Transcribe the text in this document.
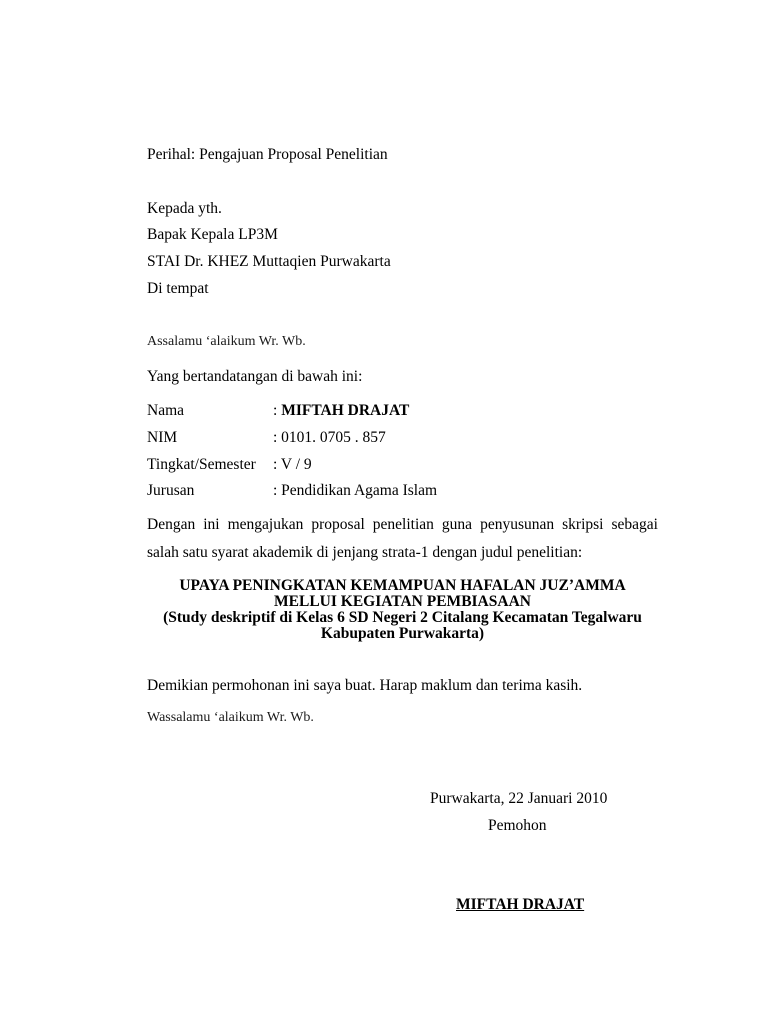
Perihal: Pengajuan Proposal Penelitian
Kepada yth.
Bapak Kepala LP3M
STAI Dr. KHEZ Muttaqien Purwakarta
Di tempat
Assalamu ‘alaikum Wr. Wb.
Yang bertandatangan di bawah ini:
Nama	: MIFTAH DRAJAT
NIM	: 0101. 0705 . 857
Tingkat/Semester : V / 9
Jurusan	: Pendidikan Agama Islam
Dengan ini mengajukan proposal penelitian guna penyusunan skripsi sebagai
salah satu syarat akademik di jenjang strata-1 dengan judul penelitian:
UPAYA PENINGKATAN KEMAMPUAN HAFALAN JUZ’AMMA
MELLUI KEGIATAN PEMBIASAAN
(Study deskriptif di Kelas 6 SD Negeri 2 Citalang Kecamatan Tegalwaru
Kabupaten Purwakarta)
Demikian permohonan ini saya buat. Harap maklum dan terima kasih.
Wassalamu ‘alaikum Wr. Wb.
Purwakarta, 22 Januari 2010
Pemohon
MIFTAH DRAJAT
